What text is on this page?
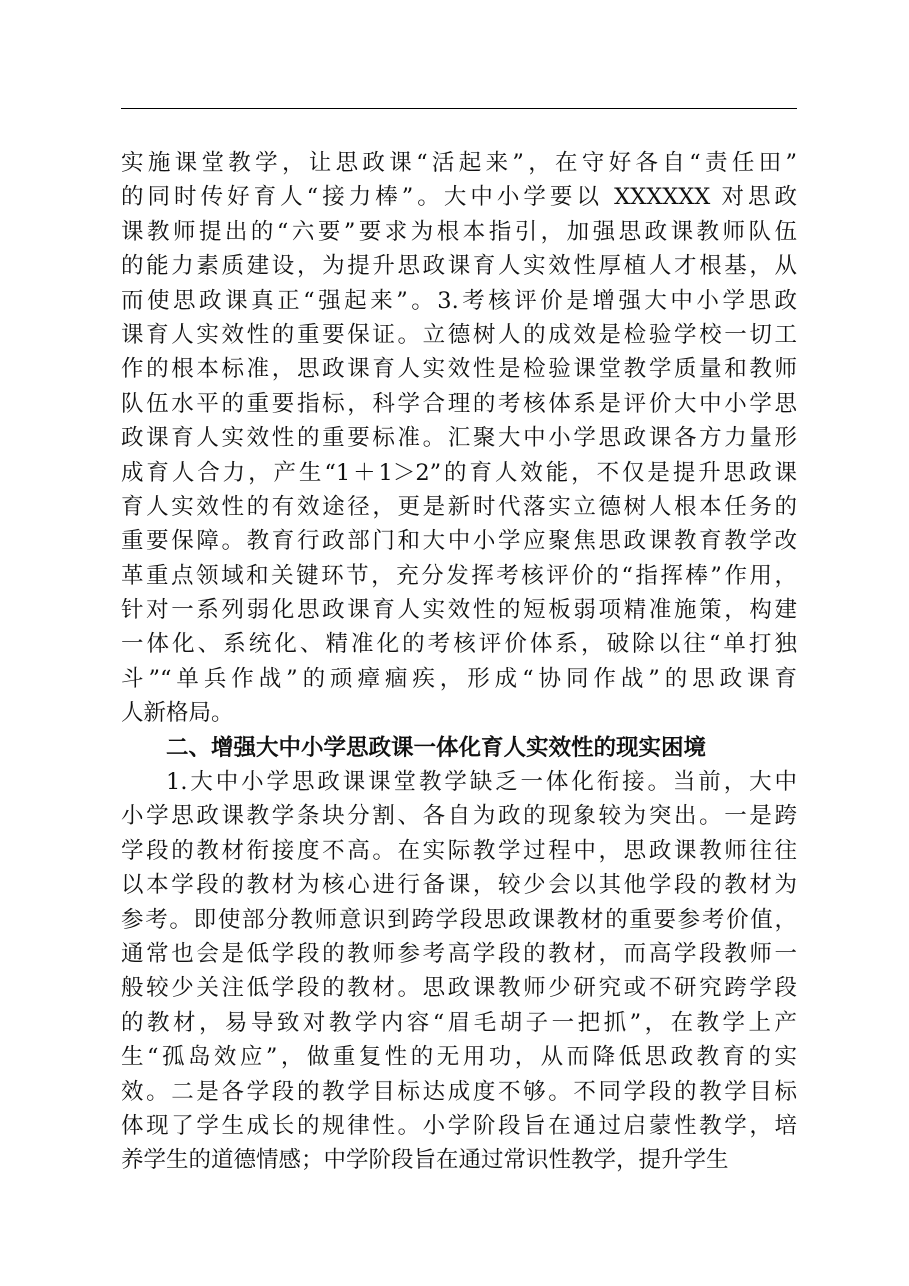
实施课堂教学，让思政课“活起来”，在守好各自“责任田”
的同时传好育人“接力棒”。大中小学要以 XXXXXX 对思政
课教师提出的“六要”要求为根本指引，加强思政课教师队伍
的能力素质建设，为提升思政课育人实效性厚植人才根基，从
而使思政课真正“强起来”。3.考核评价是增强大中小学思政
课育人实效性的重要保证。立德树人的成效是检验学校一切工
作的根本标准，思政课育人实效性是检验课堂教学质量和教师
队伍水平的重要指标，科学合理的考核体系是评价大中小学思
政课育人实效性的重要标准。汇聚大中小学思政课各方力量形
成育人合力，产生“1＋1＞2”的育人效能，不仅是提升思政课
育人实效性的有效途径，更是新时代落实立德树人根本任务的
重要保障。教育行政部门和大中小学应聚焦思政课教育教学改
革重点领域和关键环节，充分发挥考核评价的“指挥棒”作用，
针对一系列弱化思政课育人实效性的短板弱项精准施策，构建
一体化、系统化、精准化的考核评价体系，破除以往“单打独
斗”“单兵作战”的顽瘴痼疾，形成“协同作战”的思政课育
人新格局。
二、增强大中小学思政课一体化育人实效性的现实困境
1.大中小学思政课课堂教学缺乏一体化衔接。当前，大中
小学思政课教学条块分割、各自为政的现象较为突出。一是跨
学段的教材衔接度不高。在实际教学过程中，思政课教师往往
以本学段的教材为核心进行备课，较少会以其他学段的教材为
参考。即使部分教师意识到跨学段思政课教材的重要参考价值，
通常也会是低学段的教师参考高学段的教材，而高学段教师一
般较少关注低学段的教材。思政课教师少研究或不研究跨学段
的教材，易导致对教学内容“眉毛胡子一把抓”，在教学上产
生“孤岛效应”，做重复性的无用功，从而降低思政教育的实
效。二是各学段的教学目标达成度不够。不同学段的教学目标
体现了学生成长的规律性。小学阶段旨在通过启蒙性教学，培
养学生的道德情感；中学阶段旨在通过常识性教学，提升学生
